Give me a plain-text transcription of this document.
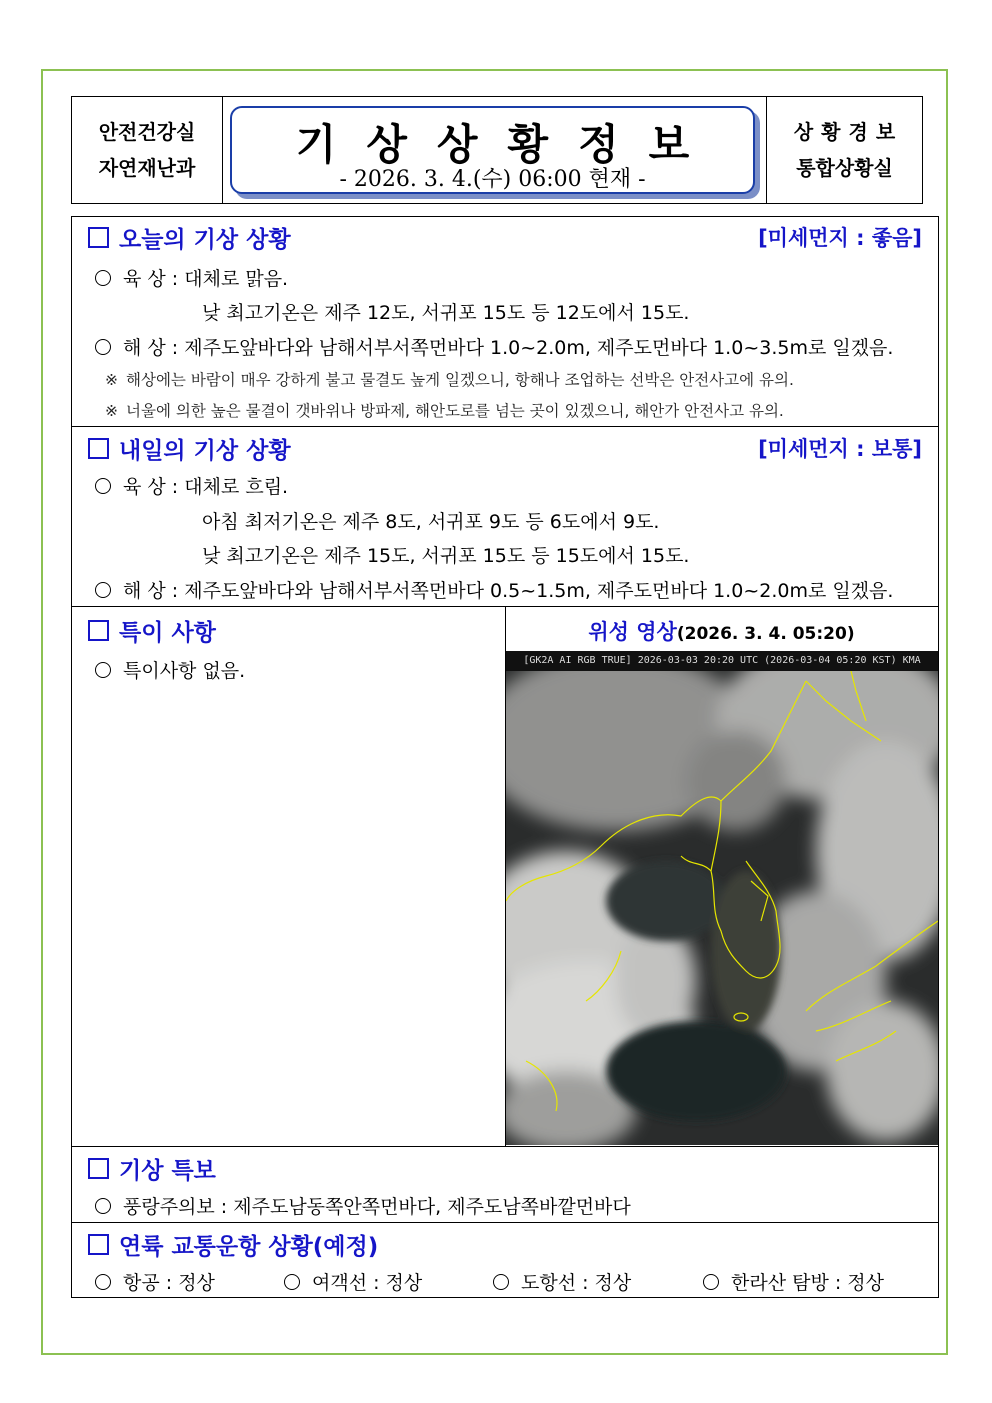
안전건강실
자연재난과	기상상황정보
- 2026. 3. 4.(수) 06:00 현재 -
상황경보
통합상황실
오늘의 기상 상황	[미세먼지 : 좋음]
육 상 : 대체로 맑음.
낮 최고기온은 제주 12도, 서귀포 15도 등 12도에서 15도.
해 상 : 제주도앞바다와 남해서부서쪽먼바다 1.0~2.0m, 제주도먼바다 1.0~3.5m로 일겠음.
※ 해상에는 바람이 매우 강하게 불고 물결도 높게 일겠으니, 항해나 조업하는 선박은 안전사고에 유의.
※ 너울에 의한 높은 물결이 갯바위나 방파제, 해안도로를 넘는 곳이 있겠으니, 해안가 안전사고 유의.
내일의 기상 상황	[미세먼지 : 보통]
육 상 : 대체로 흐림.
아침 최저기온은 제주 8도, 서귀포 9도 등 6도에서 9도.
낮 최고기온은 제주 15도, 서귀포 15도 등 15도에서 15도.
해 상 : 제주도앞바다와 남해서부서쪽먼바다 0.5~1.5m, 제주도먼바다 1.0~2.0m로 일겠음.
특이 사항
특이사항 없음.
위성 영상(2026. 3. 4. 05:20)
[GK2A AI RGB TRUE] 2026-03-03 20:20 UTC (2026-03-04 05:20 KST) KMA
기상 특보
풍랑주의보 : 제주도남동쪽안쪽먼바다, 제주도남쪽바깥먼바다
연륙 교통운항 상황(예정)
항공 : 정상	여객선 : 정상	도항선 : 정상	한라산 탐방 : 정상
